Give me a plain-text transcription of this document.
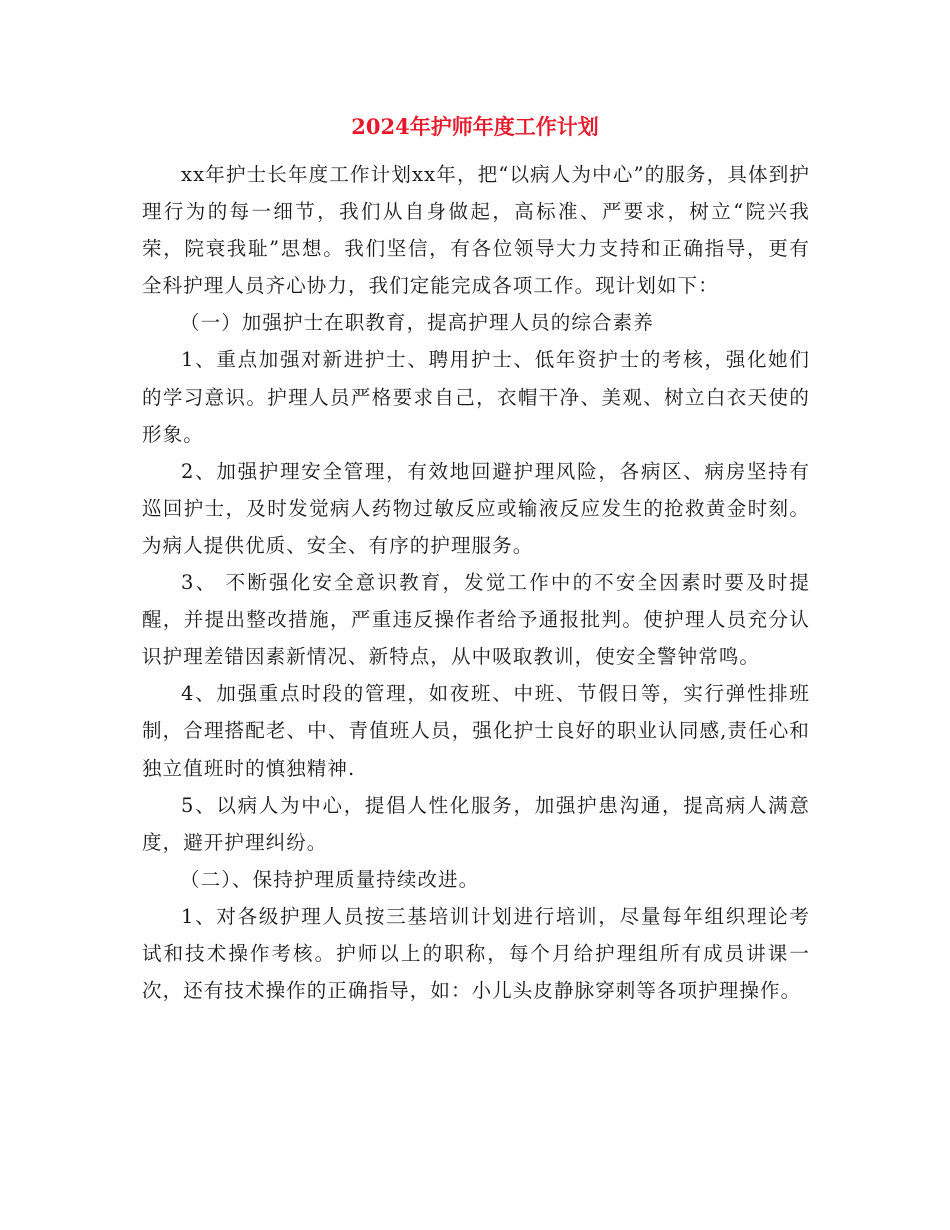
2024年护师年度工作计划

xx年护士长年度工作计划xx年，把“以病人为中心”的服务，具体到护理行为的每一细节，我们从自身做起，高标准、严要求，树立“院兴我荣，院衰我耻”思想。我们坚信，有各位领导大力支持和正确指导，更有全科护理人员齐心协力，我们定能完成各项工作。现计划如下：

（一）加强护士在职教育，提高护理人员的综合素养

1、重点加强对新进护士、聘用护士、低年资护士的考核，强化她们的学习意识。护理人员严格要求自己，衣帽干净、美观、树立白衣天使的形象。

2、加强护理安全管理，有效地回避护理风险，各病区、病房坚持有巡回护士，及时发觉病人药物过敏反应或输液反应发生的抢救黄金时刻。为病人提供优质、安全、有序的护理服务。

3、 不断强化安全意识教育，发觉工作中的不安全因素时要及时提醒，并提出整改措施，严重违反操作者给予通报批判。使护理人员充分认识护理差错因素新情况、新特点，从中吸取教训，使安全警钟常鸣。

4、加强重点时段的管理，如夜班、中班、节假日等，实行弹性排班制，合理搭配老、中、青值班人员，强化护士良好的职业认同感,责任心和独立值班时的慎独精神.

5、以病人为中心，提倡人性化服务，加强护患沟通，提高病人满意度，避开护理纠纷。

（二）、保持护理质量持续改进。

1、对各级护理人员按三基培训计划进行培训，尽量每年组织理论考试和技术操作考核。护师以上的职称，每个月给护理组所有成员讲课一次，还有技术操作的正确指导，如：小儿头皮静脉穿刺等各项护理操作。
